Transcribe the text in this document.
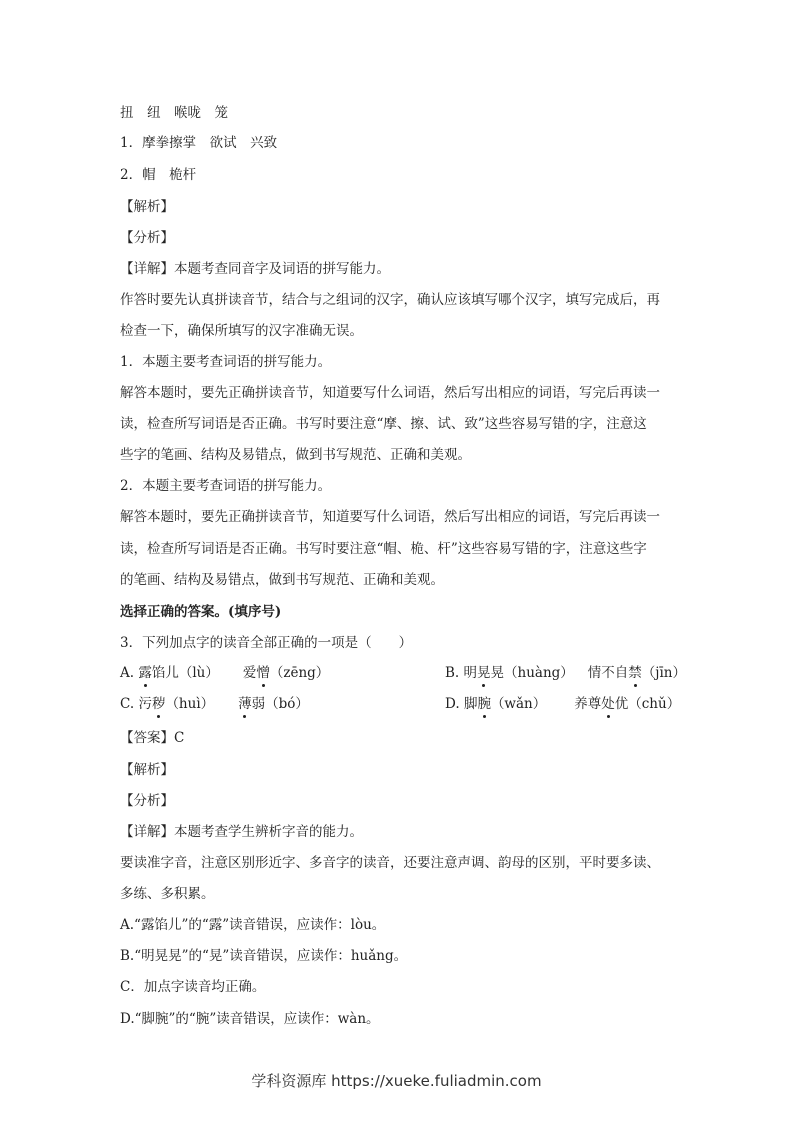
扭　纽　喉咙　笼
1．摩拳擦掌　欲试　兴致
2．帽　桅杆
【解析】
【分析】
【详解】本题考查同音字及词语的拼写能力。
作答时要先认真拼读音节，结合与之组词的汉字，确认应该填写哪个汉字，填写完成后，再
检查一下，确保所填写的汉字准确无误。
1．本题主要考查词语的拼写能力。
解答本题时，要先正确拼读音节，知道要写什么词语，然后写出相应的词语，写完后再读一
读，检查所写词语是否正确。书写时要注意“摩、擦、试、致”这些容易写错的字，注意这
些字的笔画、结构及易错点，做到书写规范、正确和美观。
2．本题主要考查词语的拼写能力。
解答本题时，要先正确拼读音节，知道要写什么词语，然后写出相应的词语，写完后再读一
读，检查所写词语是否正确。书写时要注意“帽、桅、杆”这些容易写错的字，注意这些字
的笔画、结构及易错点，做到书写规范、正确和美观。
选择正确的答案。(填序号)
3．下列加点字的读音全部正确的一项是（　　）
A. 露馅儿（lù） 爱憎（zēng）	B. 明晃晃（huàng） 情不自禁（jīn）
C. 污秽（huì） 薄弱（bó）	D. 脚腕（wǎn） 养尊处优（chǔ）
【答案】C
【解析】
【分析】
【详解】本题考查学生辨析字音的能力。
要读准字音，注意区别形近字、多音字的读音，还要注意声调、韵母的区别，平时要多读、
多练、多积累。
A.“露馅儿”的“露”读音错误，应读作：lòu。
B.“明晃晃”的“晃”读音错误，应读作：huǎng。
C．加点字读音均正确。
D.“脚腕”的“腕”读音错误，应读作：wàn。
学科资源库 https://xueke.fuliadmin.com
